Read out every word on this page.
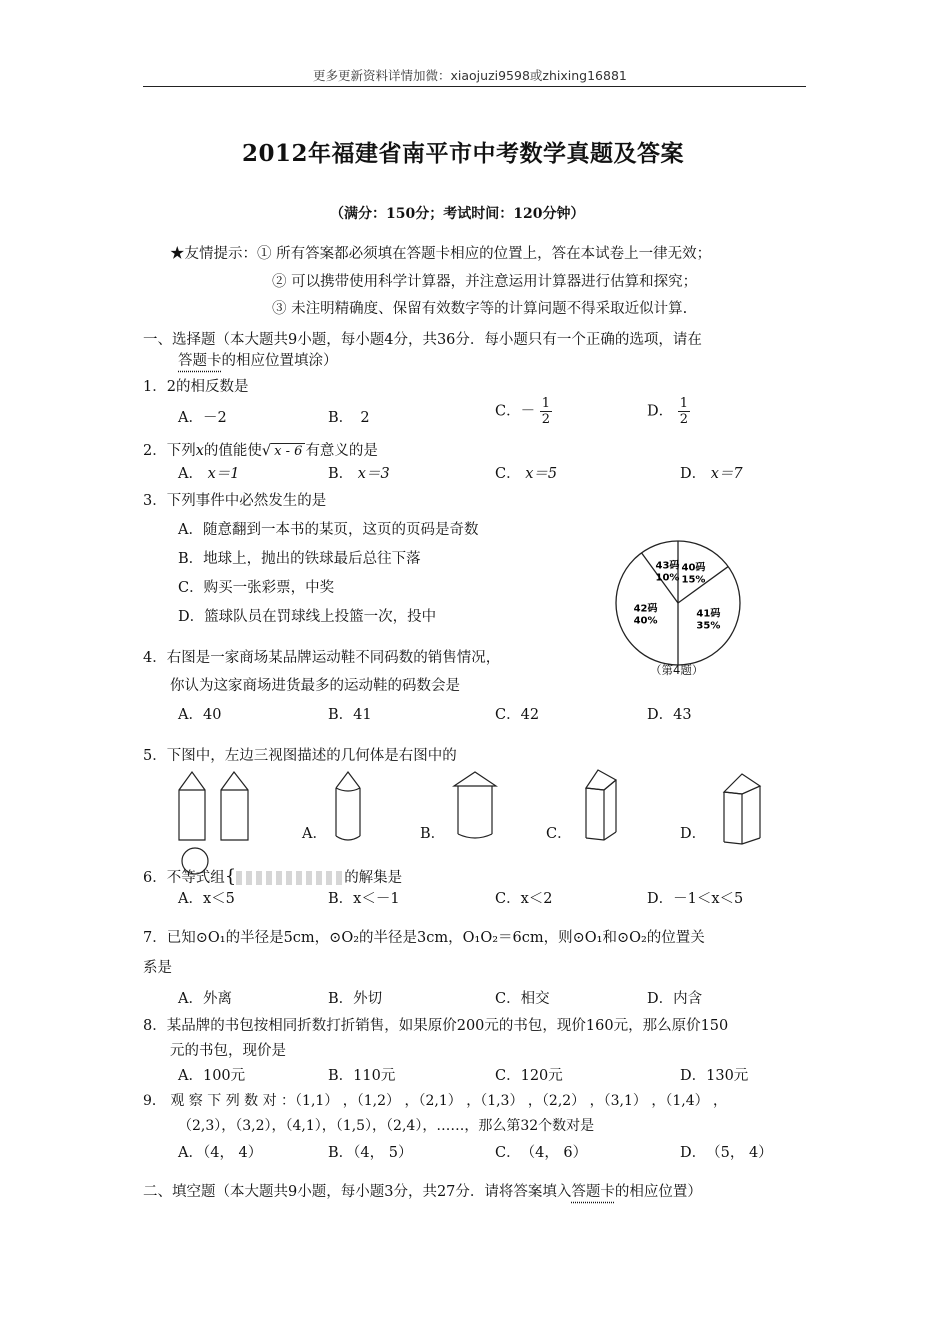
更多更新资料详情加微：xiaojuzi9598或zhixing16881
2012年福建省南平市中考数学真题及答案
（满分：150分；考试时间：120分钟）
★友情提示：① 所有答案都必须填在答题卡相应的位置上，答在本试卷上一律无效；
② 可以携带使用科学计算器，并注意运用计算器进行估算和探究；
③ 未注明精确度、保留有效数字等的计算问题不得采取近似计算.
一、选择题（本大题共9小题，每小题4分，共36分．每小题只有一个正确的选项，请在
答题卡的相应位置填涂）
1．2的相反数是
A．－2	B．　2	C．－ $\frac{1}{2}$	D． $\frac{1}{2}$
2．下列x的值能使√ x - 6 有意义的是
A． x＝1	B． x＝3	C． x＝5	D． x＝7
3．下列事件中必然发生的是
A．随意翻到一本书的某页，这页的页码是奇数
B．地球上，抛出的铁球最后总往下落
C．购买一张彩票，中奖
D．篮球队员在罚球线上投篮一次，投中
40码
15%
41码
35%
42码
40%
43码
10%
（第4题）
4．右图是一家商场某品牌运动鞋不同码数的销售情况，
你认为这家商场进货最多的运动鞋的码数会是
A．40	B．41	C．42	D．43
5．下图中，左边三视图描述的几何体是右图中的
A．	B．	C．	D．
6．不等式组{	的解集是
A．x＜5	B．x＜－1	C．x＜2	D．－1＜x＜5
7．已知⊙O₁的半径是5cm，⊙O₂的半径是3cm，O₁O₂＝6cm，则⊙O₁和⊙O₂的位置关
系是
A．外离	B．外切	C．相交	D．内含
8．某品牌的书包按相同折数打折销售，如果原价200元的书包，现价160元，那么原价150
元的书包，现价是
A．100元	B．110元	C．120元	D．130元
9． 观 察 下 列 数 对 ：（1,1） ，（1,2） ，（2,1） ，（1,3） ，（2,2） ，（3,1） ，（1,4） ，
（2,3），（3,2），（4,1），（1,5），（2,4），……，那么第32个数对是
A．（4， 4）	B．（4， 5）	C．　（4， 6）	D．　（5， 4）
二、填空题（本大题共9小题，每小题3分，共27分．请将答案填入答题卡的相应位置）
